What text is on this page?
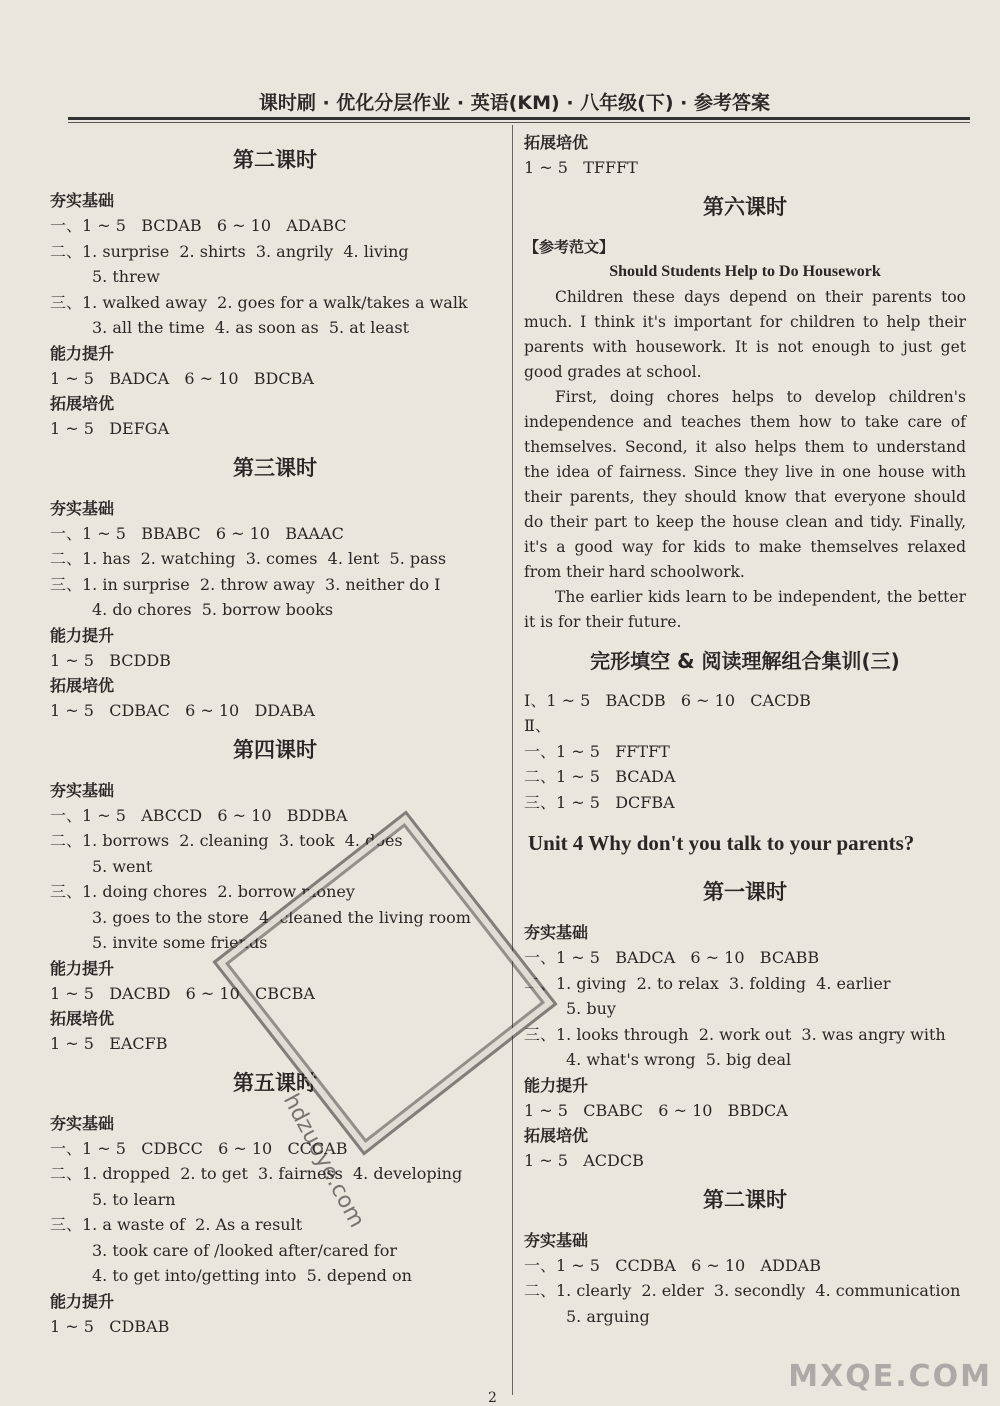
课时刷 · 优化分层作业 · 英语(KM) · 八年级(下) · 参考答案
第二课时
夯实基础
一、1 ~ 5   BCDAB   6 ~ 10   ADABC
二、1. surprise  2. shirts  3. angrily  4. living
5. threw
三、1. walked away  2. goes for a walk/takes a walk
3. all the time  4. as soon as  5. at least
能力提升
1 ~ 5   BADCA   6 ~ 10   BDCBA
拓展培优
1 ~ 5   DEFGA
第三课时
夯实基础
一、1 ~ 5   BBABC   6 ~ 10   BAAAC
二、1. has  2. watching  3. comes  4. lent  5. pass
三、1. in surprise  2. throw away  3. neither do I
4. do chores  5. borrow books
能力提升
1 ~ 5   BCDDB
拓展培优
1 ~ 5   CDBAC   6 ~ 10   DDABA
第四课时
夯实基础
一、1 ~ 5   ABCCD   6 ~ 10   BDDBA
二、1. borrows  2. cleaning  3. took  4. does
5. went
三、1. doing chores  2. borrow money
3. goes to the store  4. cleaned the living room
5. invite some friends
能力提升
1 ~ 5   DACBD   6 ~ 10   CBCBA
拓展培优
1 ~ 5   EACFB
第五课时
夯实基础
一、1 ~ 5   CDBCC   6 ~ 10   CCCAB
二、1. dropped  2. to get  3. fairness  4. developing
5. to learn
三、1. a waste of  2. As a result
3. took care of /looked after/cared for
4. to get into/getting into  5. depend on
能力提升
1 ~ 5   CDBAB
拓展培优
1 ~ 5   TFFFT
第六课时
【参考范文】
Should Students Help to Do Housework

Children these days depend on their parents too much. I think it's important for children to help their parents with housework. It is not enough to just get good grades at school.

First, doing chores helps to develop children's independence and teaches them how to take care of themselves. Second, it also helps them to understand the idea of fairness. Since they live in one house with their parents, they should know that everyone should do their part to keep the house clean and tidy. Finally, it's a good way for kids to make themselves relaxed from their hard schoolwork.

The earlier kids learn to be independent, the better it is for their future.

完形填空 & 阅读理解组合集训(三)
Ⅰ、1 ~ 5   BACDB   6 ~ 10   CACDB
Ⅱ、
一、1 ~ 5   FFTFT
二、1 ~ 5   BCADA
三、1 ~ 5   DCFBA
Unit 4 Why don't you talk to your parents?
第一课时
夯实基础
一、1 ~ 5   BADCA   6 ~ 10   BCABB
二、1. giving  2. to relax  3. folding  4. earlier
5. buy
三、1. looks through  2. work out  3. was angry with
4. what's wrong  5. big deal
能力提升
1 ~ 5   CBABC   6 ~ 10   BBDCA
拓展培优
1 ~ 5   ACDCB
第二课时
夯实基础
一、1 ~ 5   CCDBA   6 ~ 10   ADDAB
二、1. clearly  2. elder  3. secondly  4. communication
5. arguing
hdzuoye.com
MXQE.COM
2
